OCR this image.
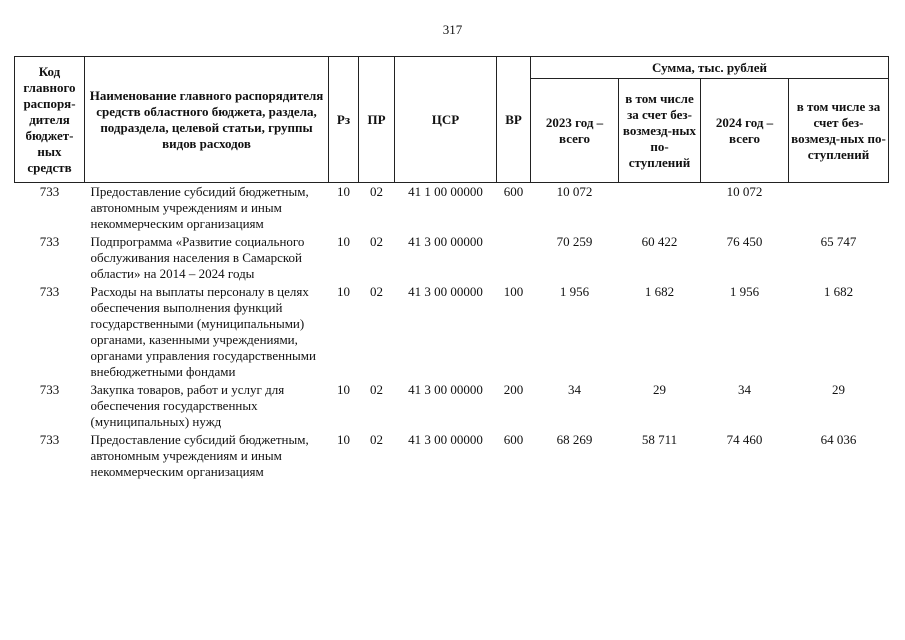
317
Код главного распоря-дителя бюджет-ных средств	Наименование главного распорядителя средств областного бюджета, раздела, подраздела, целевой статьи, группы видов расходов	Рз	ПР	ЦСР	ВР	Сумма, тыс. рублей			
						2023 год – всего	в том числе за счет без-возмезд-ных по-ступлений	2024 год – всего	в том числе за счет без-возмезд-ных по-ступлений
733	Предоставление субсидий бюджетным, автономным учреждениям и иным некоммерческим организациям	10	02	41 1 00 00000	600	10 072		10 072	
733	Подпрограмма «Развитие социального обслуживания населения в Самарской области» на 2014 – 2024 годы	10	02	41 3 00 00000		70 259	60 422	76 450	65 747
733	Расходы на выплаты персоналу в целях обеспечения выполнения функций государственными (муниципальными) органами, казенными учреждениями, органами управления государственными внебюджетными фондами	10	02	41 3 00 00000	100	1 956	1 682	1 956	1 682
733	Закупка товаров, работ и услуг для обеспечения государственных (муниципальных) нужд	10	02	41 3 00 00000	200	34	29	34	29
733	Предоставление субсидий бюджетным, автономным учреждениям и иным некоммерческим организациям	10	02	41 3 00 00000	600	68 269	58 711	74 460	64 036
